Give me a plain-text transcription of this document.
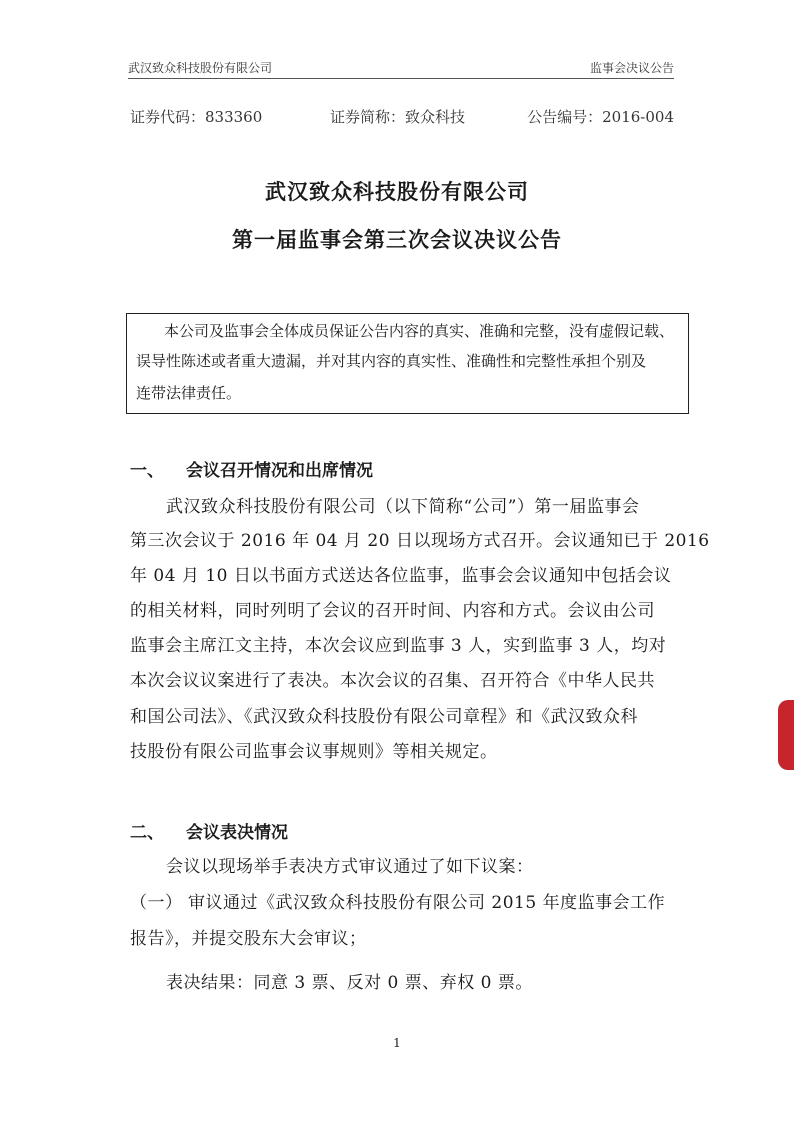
武汉致众科技股份有限公司	监事会决议公告
证券代码：833360	证券简称：致众科技	公告编号：2016-004
武汉致众科技股份有限公司
第一届监事会第三次会议决议公告
本公司及监事会全体成员保证公告内容的真实、准确和完整，没有虚假记载、
误导性陈述或者重大遗漏，并对其内容的真实性、准确性和完整性承担个别及
连带法律责任。
一、 会议召开情况和出席情况
武汉致众科技股份有限公司（以下简称“公司”）第一届监事会
第三次会议于 2016 年 04 月 20 日以现场方式召开。会议通知已于 2016
年 04 月 10 日以书面方式送达各位监事，监事会会议通知中包括会议
的相关材料，同时列明了会议的召开时间、内容和方式。会议由公司
监事会主席江文主持，本次会议应到监事 3 人，实到监事 3 人，均对
本次会议议案进行了表决。本次会议的召集、召开符合《中华人民共
和国公司法》、《武汉致众科技股份有限公司章程》和《武汉致众科
技股份有限公司监事会议事规则》等相关规定。
二、 会议表决情况
会议以现场举手表决方式审议通过了如下议案：
（一） 审议通过《武汉致众科技股份有限公司 2015 年度监事会工作
报告》，并提交股东大会审议；
表决结果：同意 3 票、反对 0 票、弃权 0 票。
1
